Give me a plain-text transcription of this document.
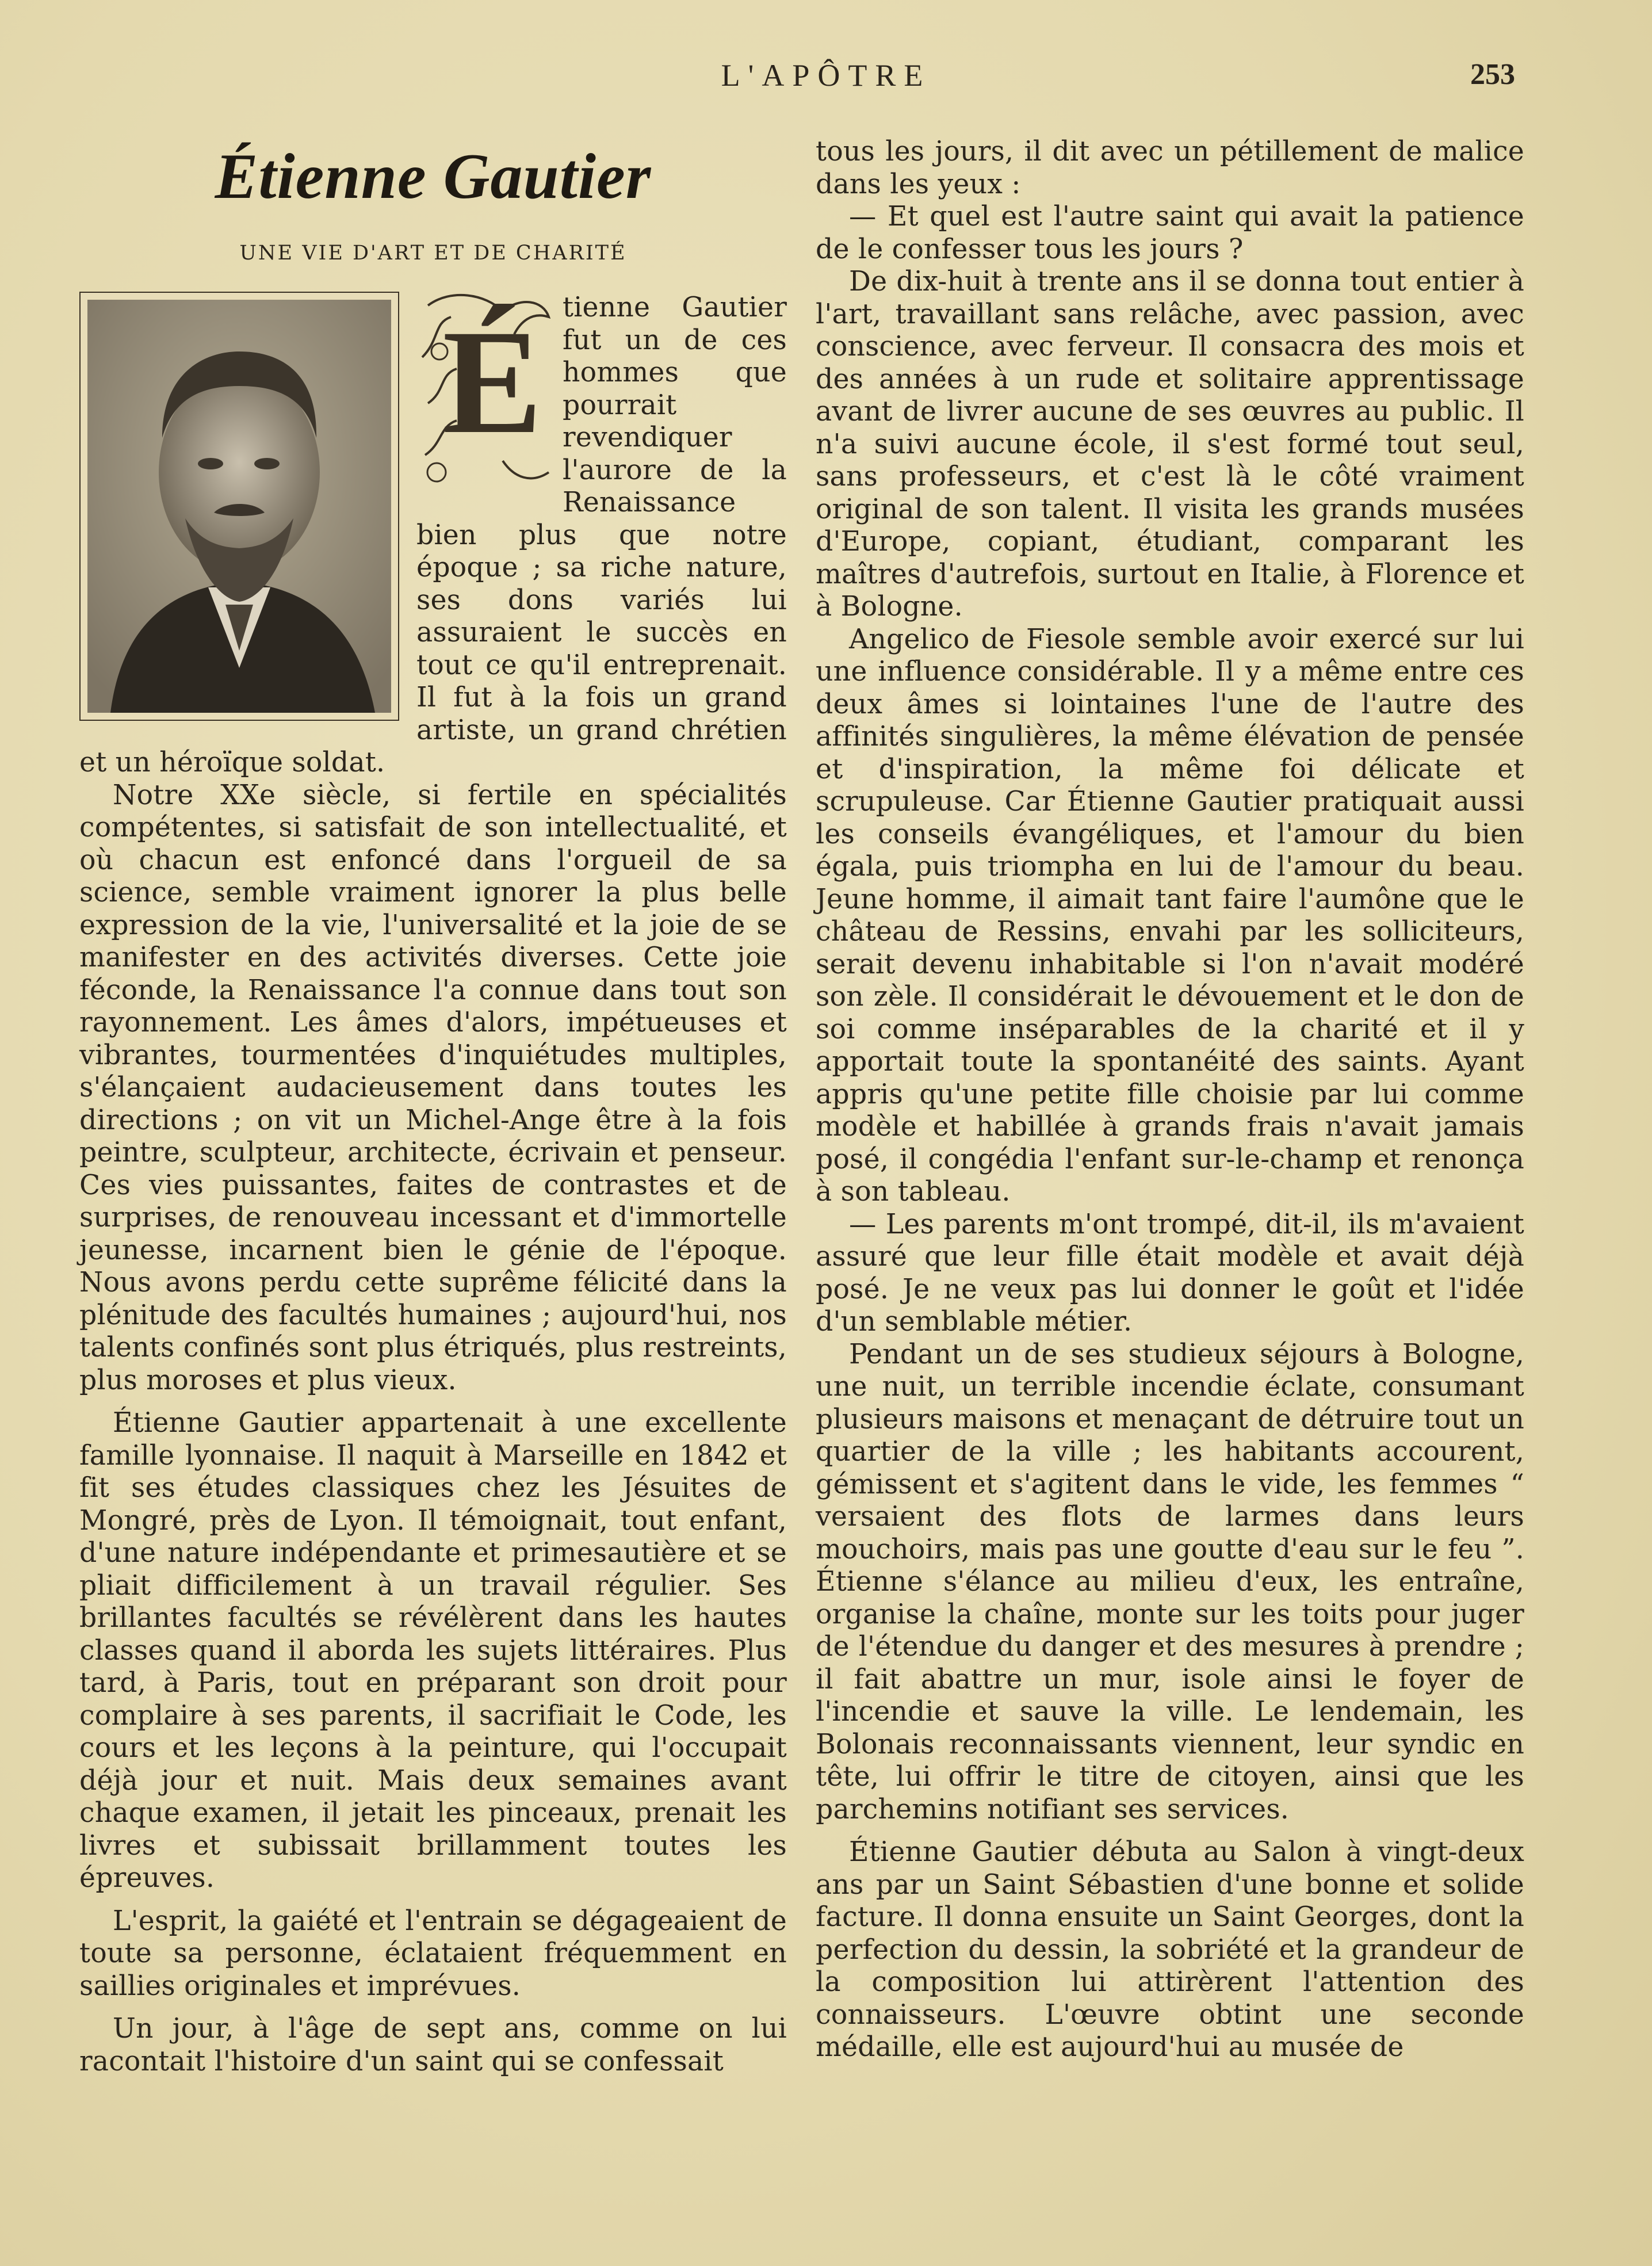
L'APÔTRE	253
Étienne Gautier
UNE VIE D'ART ET DE CHARITÉ
É tienne Gautier fut un de ces hommes que pourrait revendiquer l'aurore de la Renaissance bien plus que notre époque ; sa riche nature, ses dons variés lui assuraient le succès en tout ce qu'il entreprenait. Il fut à la fois un grand artiste, un grand chrétien et un héroïque soldat.

Notre XXe siècle, si fertile en spécialités compétentes, si satisfait de son intellectualité, et où chacun est enfoncé dans l'orgueil de sa science, semble vraiment ignorer la plus belle expression de la vie, l'universalité et la joie de se manifester en des activités diverses. Cette joie féconde, la Renaissance l'a connue dans tout son rayonnement. Les âmes d'alors, impétueuses et vibrantes, tourmentées d'inquiétudes multiples, s'élançaient audacieusement dans toutes les directions ; on vit un Michel-Ange être à la fois peintre, sculpteur, architecte, écrivain et penseur. Ces vies puissantes, faites de contrastes et de surprises, de renouveau incessant et d'immortelle jeunesse, incarnent bien le génie de l'époque. Nous avons perdu cette suprême félicité dans la plénitude des facultés humaines ; aujourd'hui, nos talents confinés sont plus étriqués, plus restreints, plus moroses et plus vieux.

Étienne Gautier appartenait à une excellente famille lyonnaise. Il naquit à Marseille en 1842 et fit ses études classiques chez les Jésuites de Mongré, près de Lyon. Il témoignait, tout enfant, d'une nature indépendante et primesautière et se pliait difficilement à un travail régulier. Ses brillantes facultés se révélèrent dans les hautes classes quand il aborda les sujets littéraires. Plus tard, à Paris, tout en préparant son droit pour complaire à ses parents, il sacrifiait le Code, les cours et les leçons à la peinture, qui l'occupait déjà jour et nuit. Mais deux semaines avant chaque examen, il jetait les pinceaux, prenait les livres et subissait brillamment toutes les épreuves.

L'esprit, la gaiété et l'entrain se dégageaient de toute sa personne, éclataient fréquemment en saillies originales et imprévues.

Un jour, à l'âge de sept ans, comme on lui racontait l'histoire d'un saint qui se confessait

tous les jours, il dit avec un pétillement de malice dans les yeux :

— Et quel est l'autre saint qui avait la patience de le confesser tous les jours ?

De dix-huit à trente ans il se donna tout entier à l'art, travaillant sans relâche, avec passion, avec conscience, avec ferveur. Il consacra des mois et des années à un rude et solitaire apprentissage avant de livrer aucune de ses œuvres au public. Il n'a suivi aucune école, il s'est formé tout seul, sans professeurs, et c'est là le côté vraiment original de son talent. Il visita les grands musées d'Europe, copiant, étudiant, comparant les maîtres d'autrefois, surtout en Italie, à Florence et à Bologne.

Angelico de Fiesole semble avoir exercé sur lui une influence considérable. Il y a même entre ces deux âmes si lointaines l'une de l'autre des affinités singulières, la même élévation de pensée et d'inspiration, la même foi délicate et scrupuleuse. Car Étienne Gautier pratiquait aussi les conseils évangéliques, et l'amour du bien égala, puis triompha en lui de l'amour du beau. Jeune homme, il aimait tant faire l'aumône que le château de Ressins, envahi par les solliciteurs, serait devenu inhabitable si l'on n'avait modéré son zèle. Il considérait le dévouement et le don de soi comme inséparables de la charité et il y apportait toute la spontanéité des saints. Ayant appris qu'une petite fille choisie par lui comme modèle et habillée à grands frais n'avait jamais posé, il congédia l'enfant sur-le-champ et renonça à son tableau.

— Les parents m'ont trompé, dit-il, ils m'avaient assuré que leur fille était modèle et avait déjà posé. Je ne veux pas lui donner le goût et l'idée d'un semblable métier.

Pendant un de ses studieux séjours à Bologne, une nuit, un terrible incendie éclate, consumant plusieurs maisons et menaçant de détruire tout un quartier de la ville ; les habitants accourent, gémissent et s'agitent dans le vide, les femmes “ versaient des flots de larmes dans leurs mouchoirs, mais pas une goutte d'eau sur le feu ”. Étienne s'élance au milieu d'eux, les entraîne, organise la chaîne, monte sur les toits pour juger de l'étendue du danger et des mesures à prendre ; il fait abattre un mur, isole ainsi le foyer de l'incendie et sauve la ville. Le lendemain, les Bolonais reconnaissants viennent, leur syndic en tête, lui offrir le titre de citoyen, ainsi que les parchemins notifiant ses services.

Étienne Gautier débuta au Salon à vingt-deux ans par un Saint Sébastien d'une bonne et solide facture. Il donna ensuite un Saint Georges, dont la perfection du dessin, la sobriété et la grandeur de la composition lui attirèrent l'attention des connaisseurs. L'œuvre obtint une seconde médaille, elle est aujourd'hui au musée de
